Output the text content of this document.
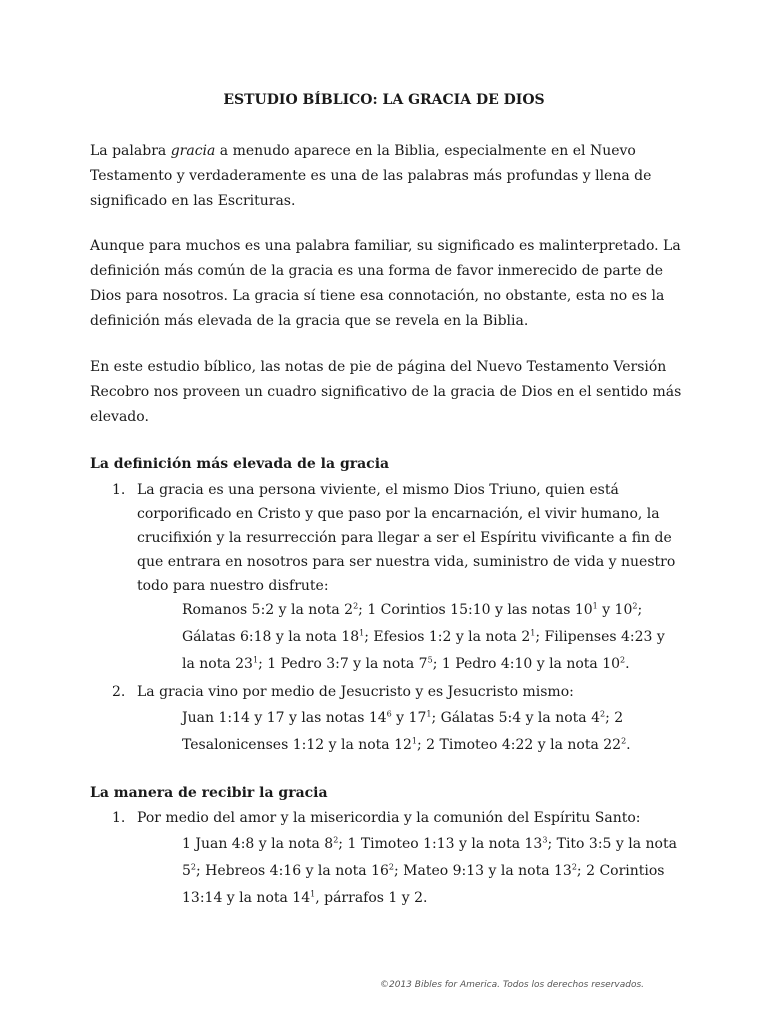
ESTUDIO BÍBLICO: LA GRACIA DE DIOS

La palabra gracia a menudo aparece en la Biblia, especialmente en el Nuevo Testamento y verdaderamente es una de las palabras más profundas y llena de significado en las Escrituras.

Aunque para muchos es una palabra familiar, su significado es malinterpretado. La definición más común de la gracia es una forma de favor inmerecido de parte de Dios para nosotros. La gracia sí tiene esa connotación, no obstante, esta no es la definición más elevada de la gracia que se revela en la Biblia.

En este estudio bíblico, las notas de pie de página del Nuevo Testamento Versión Recobro nos proveen un cuadro significativo de la gracia de Dios en el sentido más elevado.

La definición más elevada de la gracia
1. La gracia es una persona viviente, el mismo Dios Triuno, quien está corporificado en Cristo y que paso por la encarnación, el vivir humano, la crucifixión y la resurrección para llegar a ser el Espíritu vivificante a fin de que entrara en nosotros para ser nuestra vida, suministro de vida y nuestro todo para nuestro disfrute:
Romanos 5:2 y la nota $2^2$; 1 Corintios 15:10 y las notas $10^1$ y $10^2$; Gálatas 6:18 y la nota $18^1$; Efesios 1:2 y la nota $2^1$; Filipenses 4:23 y la nota $23^1$; 1 Pedro 3:7 y la nota $7^5$; 1 Pedro 4:10 y la nota $10^2$.
2. La gracia vino por medio de Jesucristo y es Jesucristo mismo:
Juan 1:14 y 17 y las notas $14^6$ y $17^1$; Gálatas 5:4 y la nota $4^2$; 2 Tesalonicenses 1:12 y la nota $12^1$; 2 Timoteo 4:22 y la nota $22^2$.
La manera de recibir la gracia
1. Por medio del amor y la misericordia y la comunión del Espíritu Santo:
1 Juan 4:8 y la nota $8^2$; 1 Timoteo 1:13 y la nota $13^3$; Tito 3:5 y la nota $5^2$; Hebreos 4:16 y la nota $16^2$; Mateo 9:13 y la nota $13^2$; 2 Corintios 13:14 y la nota $14^1$, párrafos 1 y 2.
©2013 Bibles for America. Todos los derechos reservados.
